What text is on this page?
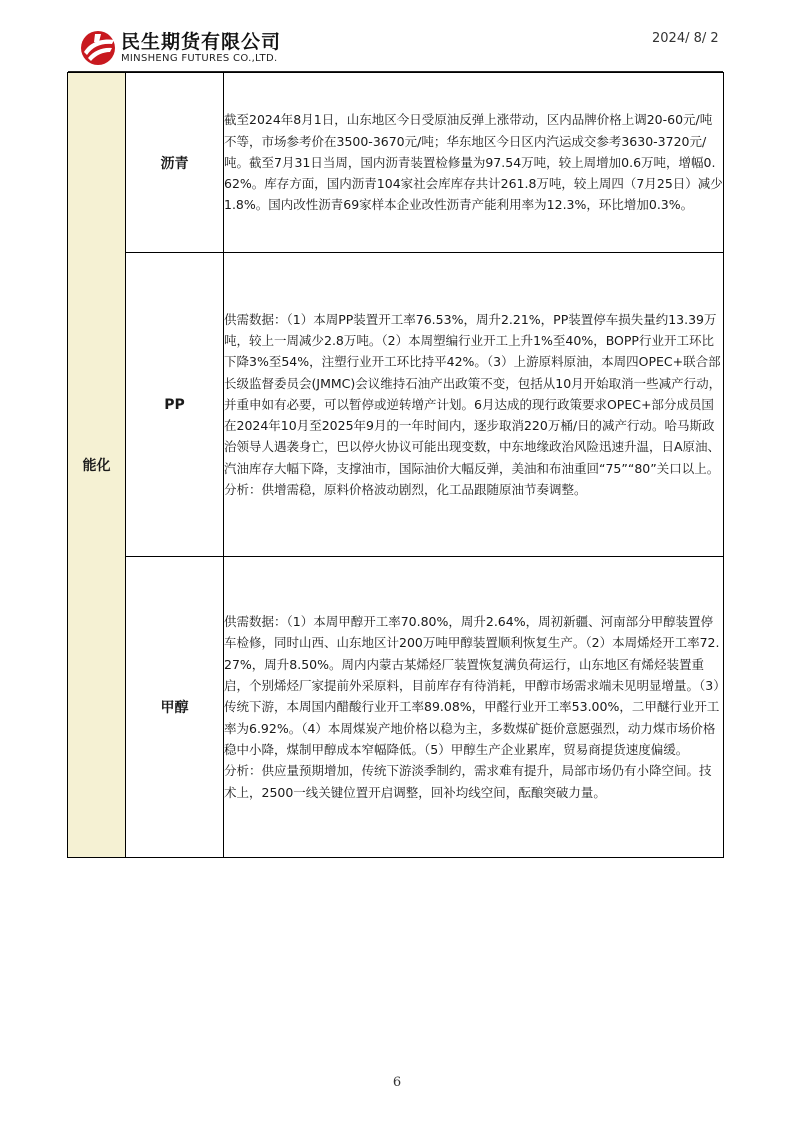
民生期货有限公司
MINSHENG FUTURES CO.,LTD.
2024/ 8/ 2
能化	沥青	截至2024年8月1日，山东地区今日受原油反弹上涨带动，区内品牌价格上调20-60元/吨不等，市场参考价在3500-3670元/吨；华东地区今日区内汽运成交参考3630-3720元/吨。截至7月31日当周，国内沥青装置检修量为97.54万吨，较上周增加0.6万吨，增幅0.62%。库存方面，国内沥青104家社会库库存共计261.8万吨，较上周四（7月25日）减少1.8%。国内改性沥青69家样本企业改性沥青产能利用率为12.3%，环比增加0.3%。

	PP	供需数据：（1）本周PP装置开工率76.53%，周升2.21%，PP装置停车损失量约13.39万吨，较上一周减少2.8万吨。（2）本周塑编行业开工上升1%至40%，BOPP行业开工环比下降3%至54%，注塑行业开工环比持平42%。（3）上游原料原油，本周四OPEC+联合部长级监督委员会(JMMC)会议维持石油产出政策不变，包括从10月开始取消一些减产行动，并重申如有必要，可以暂停或逆转增产计划。6月达成的现行政策要求OPEC+部分成员国在2024年10月至2025年9月的一年时间内，逐步取消220万桶/日的减产行动。哈马斯政治领导人遇袭身亡，巴以停火协议可能出现变数，中东地缘政治风险迅速升温，日A原油、汽油库存大幅下降，支撑油市，国际油价大幅反弹，美油和布油重回“75”“80”关口以上。
分析：供增需稳，原料价格波动剧烈，化工品跟随原油节奏调整。

	甲醇	供需数据：（1）本周甲醇开工率70.80%，周升2.64%，周初新疆、河南部分甲醇装置停车检修，同时山西、山东地区计200万吨甲醇装置顺利恢复生产。（2）本周烯烃开工率72.27%，周升8.50%。周内内蒙古某烯烃厂装置恢复满负荷运行，山东地区有烯烃装置重启，个别烯烃厂家提前外采原料，目前库存有待消耗，甲醇市场需求端未见明显增量。（3）传统下游，本周国内醋酸行业开工率89.08%，甲醛行业开工率53.00%，二甲醚行业开工率为6.92%。（4）本周煤炭产地价格以稳为主，多数煤矿挺价意愿强烈，动力煤市场价格稳中小降，煤制甲醇成本窄幅降低。（5）甲醇生产企业累库，贸易商提货速度偏缓。
分析：供应量预期增加，传统下游淡季制约，需求难有提升，局部市场仍有小降空间。技术上，2500一线关键位置开启调整，回补均线空间，酝酿突破力量。
6
